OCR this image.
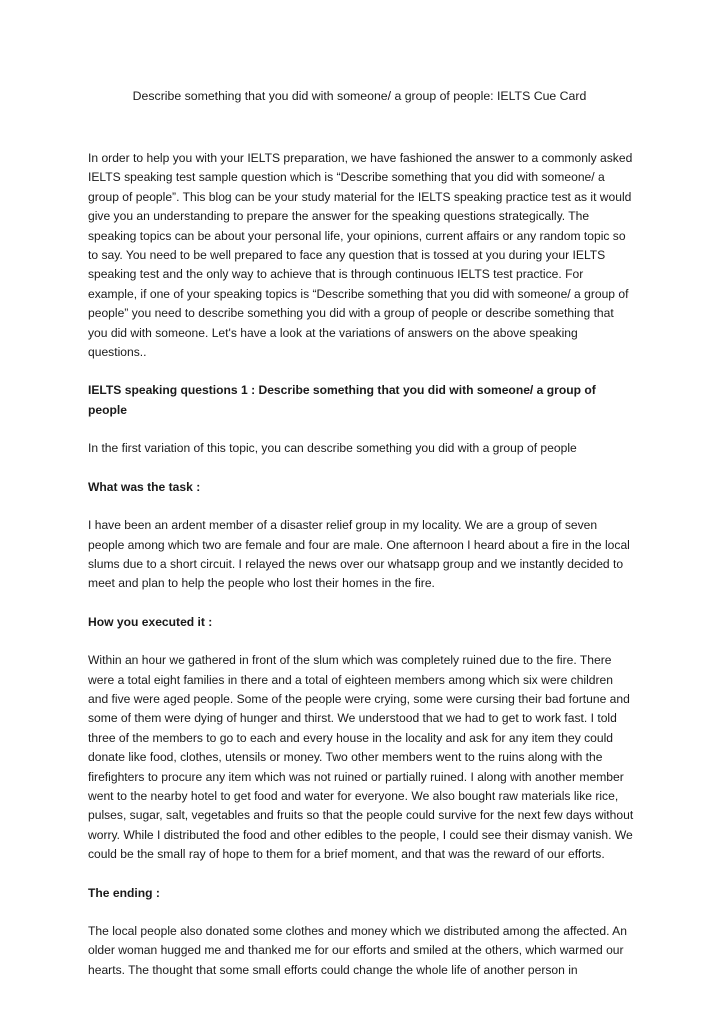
Describe something that you did with someone/ a group of people: IELTS Cue Card

In order to help you with your IELTS preparation, we have fashioned the answer to a commonly asked IELTS speaking test sample question which is “Describe something that you did with someone/ a group of people”. This blog can be your study material for the IELTS speaking practice test as it would give you an understanding to prepare the answer for the speaking questions strategically. The speaking topics can be about your personal life, your opinions, current affairs or any random topic so to say. You need to be well prepared to face any question that is tossed at you during your IELTS speaking test and the only way to achieve that is through continuous IELTS test practice. For example, if one of your speaking topics is “Describe something that you did with someone/ a group of people” you need to describe something you did with a group of people or describe something that you did with someone. Let's have a look at the variations of answers on the above speaking questions..

IELTS speaking questions 1 : Describe something that you did with someone/ a group of people

In the first variation of this topic, you can describe something you did with a group of people

What was the task :

I have been an ardent member of a disaster relief group in my locality. We are a group of seven people among which two are female and four are male. One afternoon I heard about a fire in the local slums due to a short circuit. I relayed the news over our whatsapp group and we instantly decided to meet and plan to help the people who lost their homes in the fire.

How you executed it :

Within an hour we gathered in front of the slum which was completely ruined due to the fire. There were a total eight families in there and a total of eighteen members among which six were children and five were aged people. Some of the people were crying, some were cursing their bad fortune and some of them were dying of hunger and thirst. We understood that we had to get to work fast. I told three of the members to go to each and every house in the locality and ask for any item they could donate like food, clothes, utensils or money. Two other members went to the ruins along with the firefighters to procure any item which was not ruined or partially ruined. I along with another member went to the nearby hotel to get food and water for everyone. We also bought raw materials like rice, pulses, sugar, salt, vegetables and fruits so that the people could survive for the next few days without worry. While I distributed the food and other edibles to the people, I could see their dismay vanish. We could be the small ray of hope to them for a brief moment, and that was the reward of our efforts.

The ending :

The local people also donated some clothes and money which we distributed among the affected. An older woman hugged me and thanked me for our efforts and smiled at the others, which warmed our hearts. The thought that some small efforts could change the whole life of another person in
